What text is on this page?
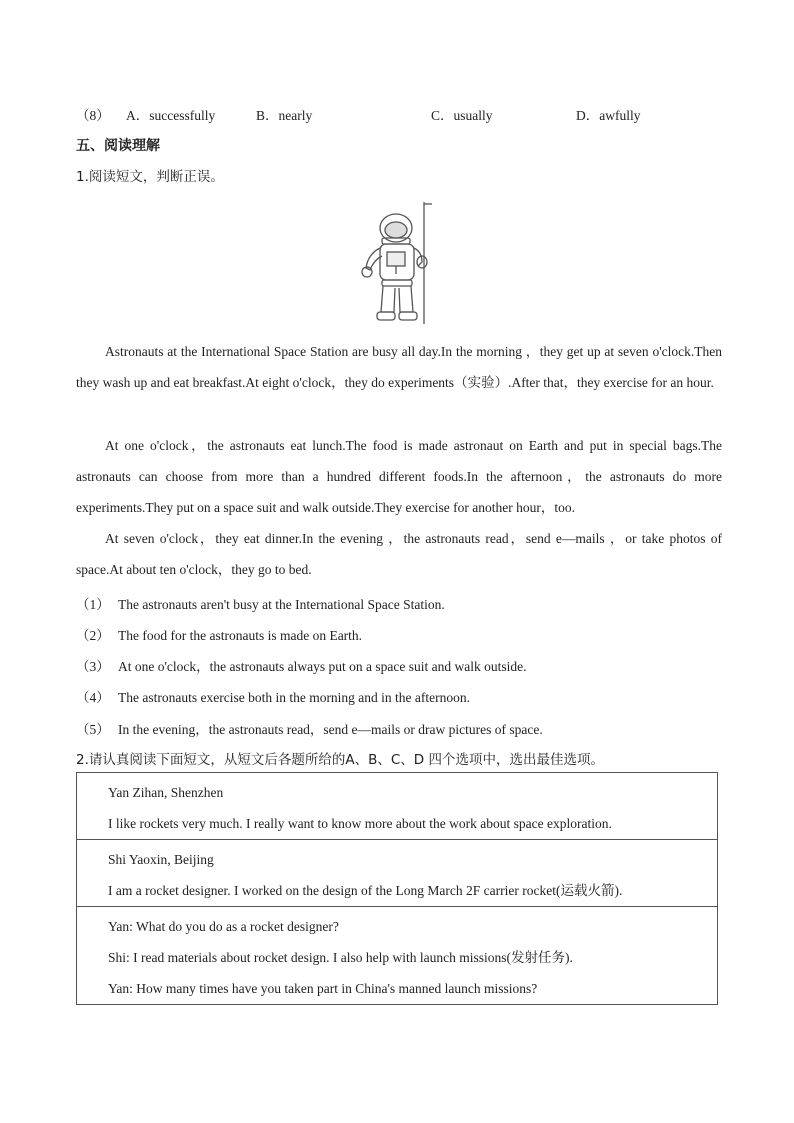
（8） A．successfully	B．nearly	C．usually	D．awfully
五、阅读理解
1.阅读短文，判断正误。
Astronauts at the International Space Station are busy all day.In the morning ，they get up at seven o'clock.Then they wash up and eat breakfast.At eight o'clock，they do experiments（实验）.After that，they exercise for an hour.
At one o'clock，the astronauts eat lunch.The food is made astronaut on Earth and put in special bags.The astronauts can choose from more than a hundred different foods.In the afternoon，the astronauts do more experiments.They put on a space suit and walk outside.They exercise for another hour，too.
At seven o'clock，they eat dinner.In the evening ，the astronauts read，send e—mails ，or take photos of space.At about ten o'clock，they go to bed.
（1） The astronauts aren't busy at the International Space Station.
（2） The food for the astronauts is made on Earth.
（3） At one o'clock，the astronauts always put on a space suit and walk outside.
（4） The astronauts exercise both in the morning and in the afternoon.
（5） In the evening，the astronauts read，send e—mails or draw pictures of space.
2.请认真阅读下面短文，从短文后各题所给的A、B、C、D 四个选项中，选出最佳选项。
Yan Zihan, Shenzhen
I like rockets very much. I really want to know more about the work about space exploration.

Shi Yaoxin, Beijing
I am a rocket designer. I worked on the design of the Long March 2F carrier rocket(运载火箭).

Yan: What do you do as a rocket designer?
Shi: I read materials about rocket design. I also help with launch missions(发射任务).
Yan: How many times have you taken part in China's manned launch missions?
